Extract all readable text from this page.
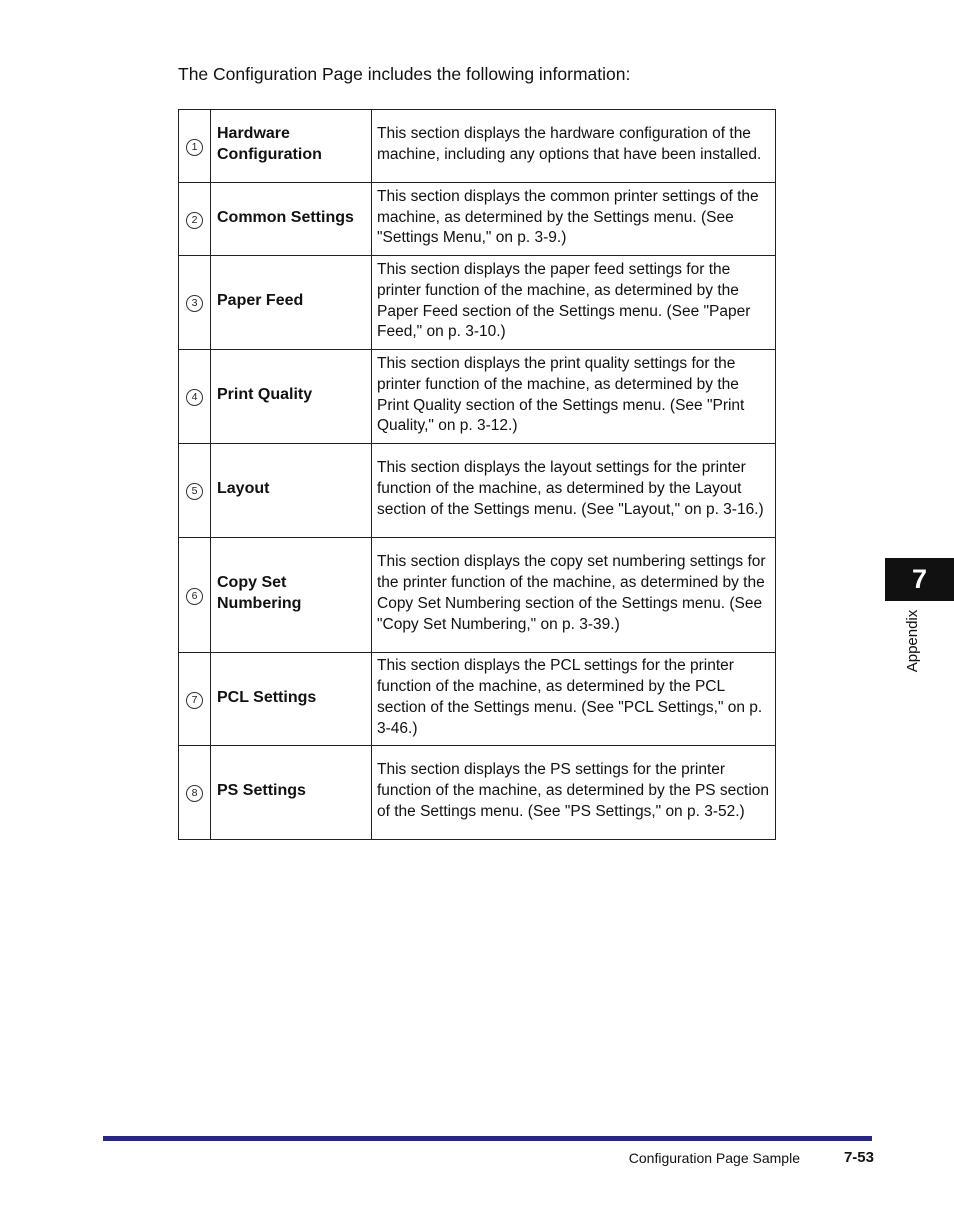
The Configuration Page includes the following information:
1	Hardware Configuration	This section displays the hardware configuration of the machine, including any options that have been installed.
2	Common Settings	This section displays the common printer settings of the machine, as determined by the Settings menu. (See "Settings Menu," on p. 3-9.)
3	Paper Feed	This section displays the paper feed settings for the printer function of the machine, as determined by the Paper Feed section of the Settings menu. (See "Paper Feed," on p. 3-10.)
4	Print Quality	This section displays the print quality settings for the printer function of the machine, as determined by the Print Quality section of the Settings menu. (See "Print Quality," on p. 3-12.)
5	Layout	This section displays the layout settings for the printer function of the machine, as determined by the Layout section of the Settings menu. (See "Layout," on p. 3-16.)
6	Copy Set Numbering	This section displays the copy set numbering settings for the printer function of the machine, as determined by the Copy Set Numbering section of the Settings menu. (See "Copy Set Numbering," on p. 3-39.)
7	PCL Settings	This section displays the PCL settings for the printer function of the machine, as determined by the PCL section of the Settings menu. (See "PCL Settings," on p. 3-46.)
8	PS Settings	This section displays the PS settings for the printer function of the machine, as determined by the PS section of the Settings menu. (See "PS Settings," on p. 3-52.)
7
Appendix
Configuration Page Sample	7-53
